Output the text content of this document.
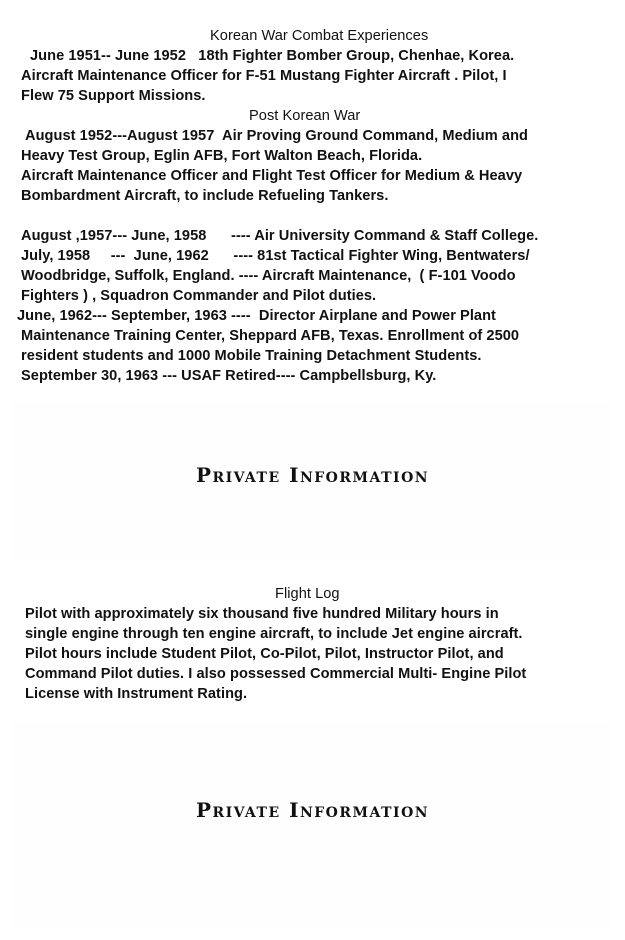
Korean War Combat Experiences
June 1951-- June 1952   18th Fighter Bomber Group, Chenhae, Korea.
Aircraft Maintenance Officer for F-51 Mustang Fighter Aircraft . Pilot, I
Flew 75 Support Missions.
Post Korean War
August 1952---August 1957  Air Proving Ground Command, Medium and
Heavy Test Group, Eglin AFB, Fort Walton Beach, Florida.
Aircraft Maintenance Officer and Flight Test Officer for Medium & Heavy
Bombardment Aircraft, to include Refueling Tankers.
August ,1957--- June, 1958      ---- Air University Command & Staff College.
July, 1958     ---  June, 1962      ---- 81st Tactical Fighter Wing, Bentwaters/
Woodbridge, Suffolk, England. ---- Aircraft Maintenance,  ( F-101 Voodo
Fighters ) , Squadron Commander and Pilot duties.
June, 1962--- September, 1963 ----  Director Airplane and Power Plant
Maintenance Training Center, Sheppard AFB, Texas. Enrollment of 2500
resident students and 1000 Mobile Training Detachment Students.
September 30, 1963 --- USAF Retired---- Campbellsburg, Ky.
Private Information
Flight Log
Pilot with approximately six thousand five hundred Military hours in
single engine through ten engine aircraft, to include Jet engine aircraft.
Pilot hours include Student Pilot, Co-Pilot, Pilot, Instructor Pilot, and
Command Pilot duties. I also possessed Commercial Multi- Engine Pilot
License with Instrument Rating.
Private Information
